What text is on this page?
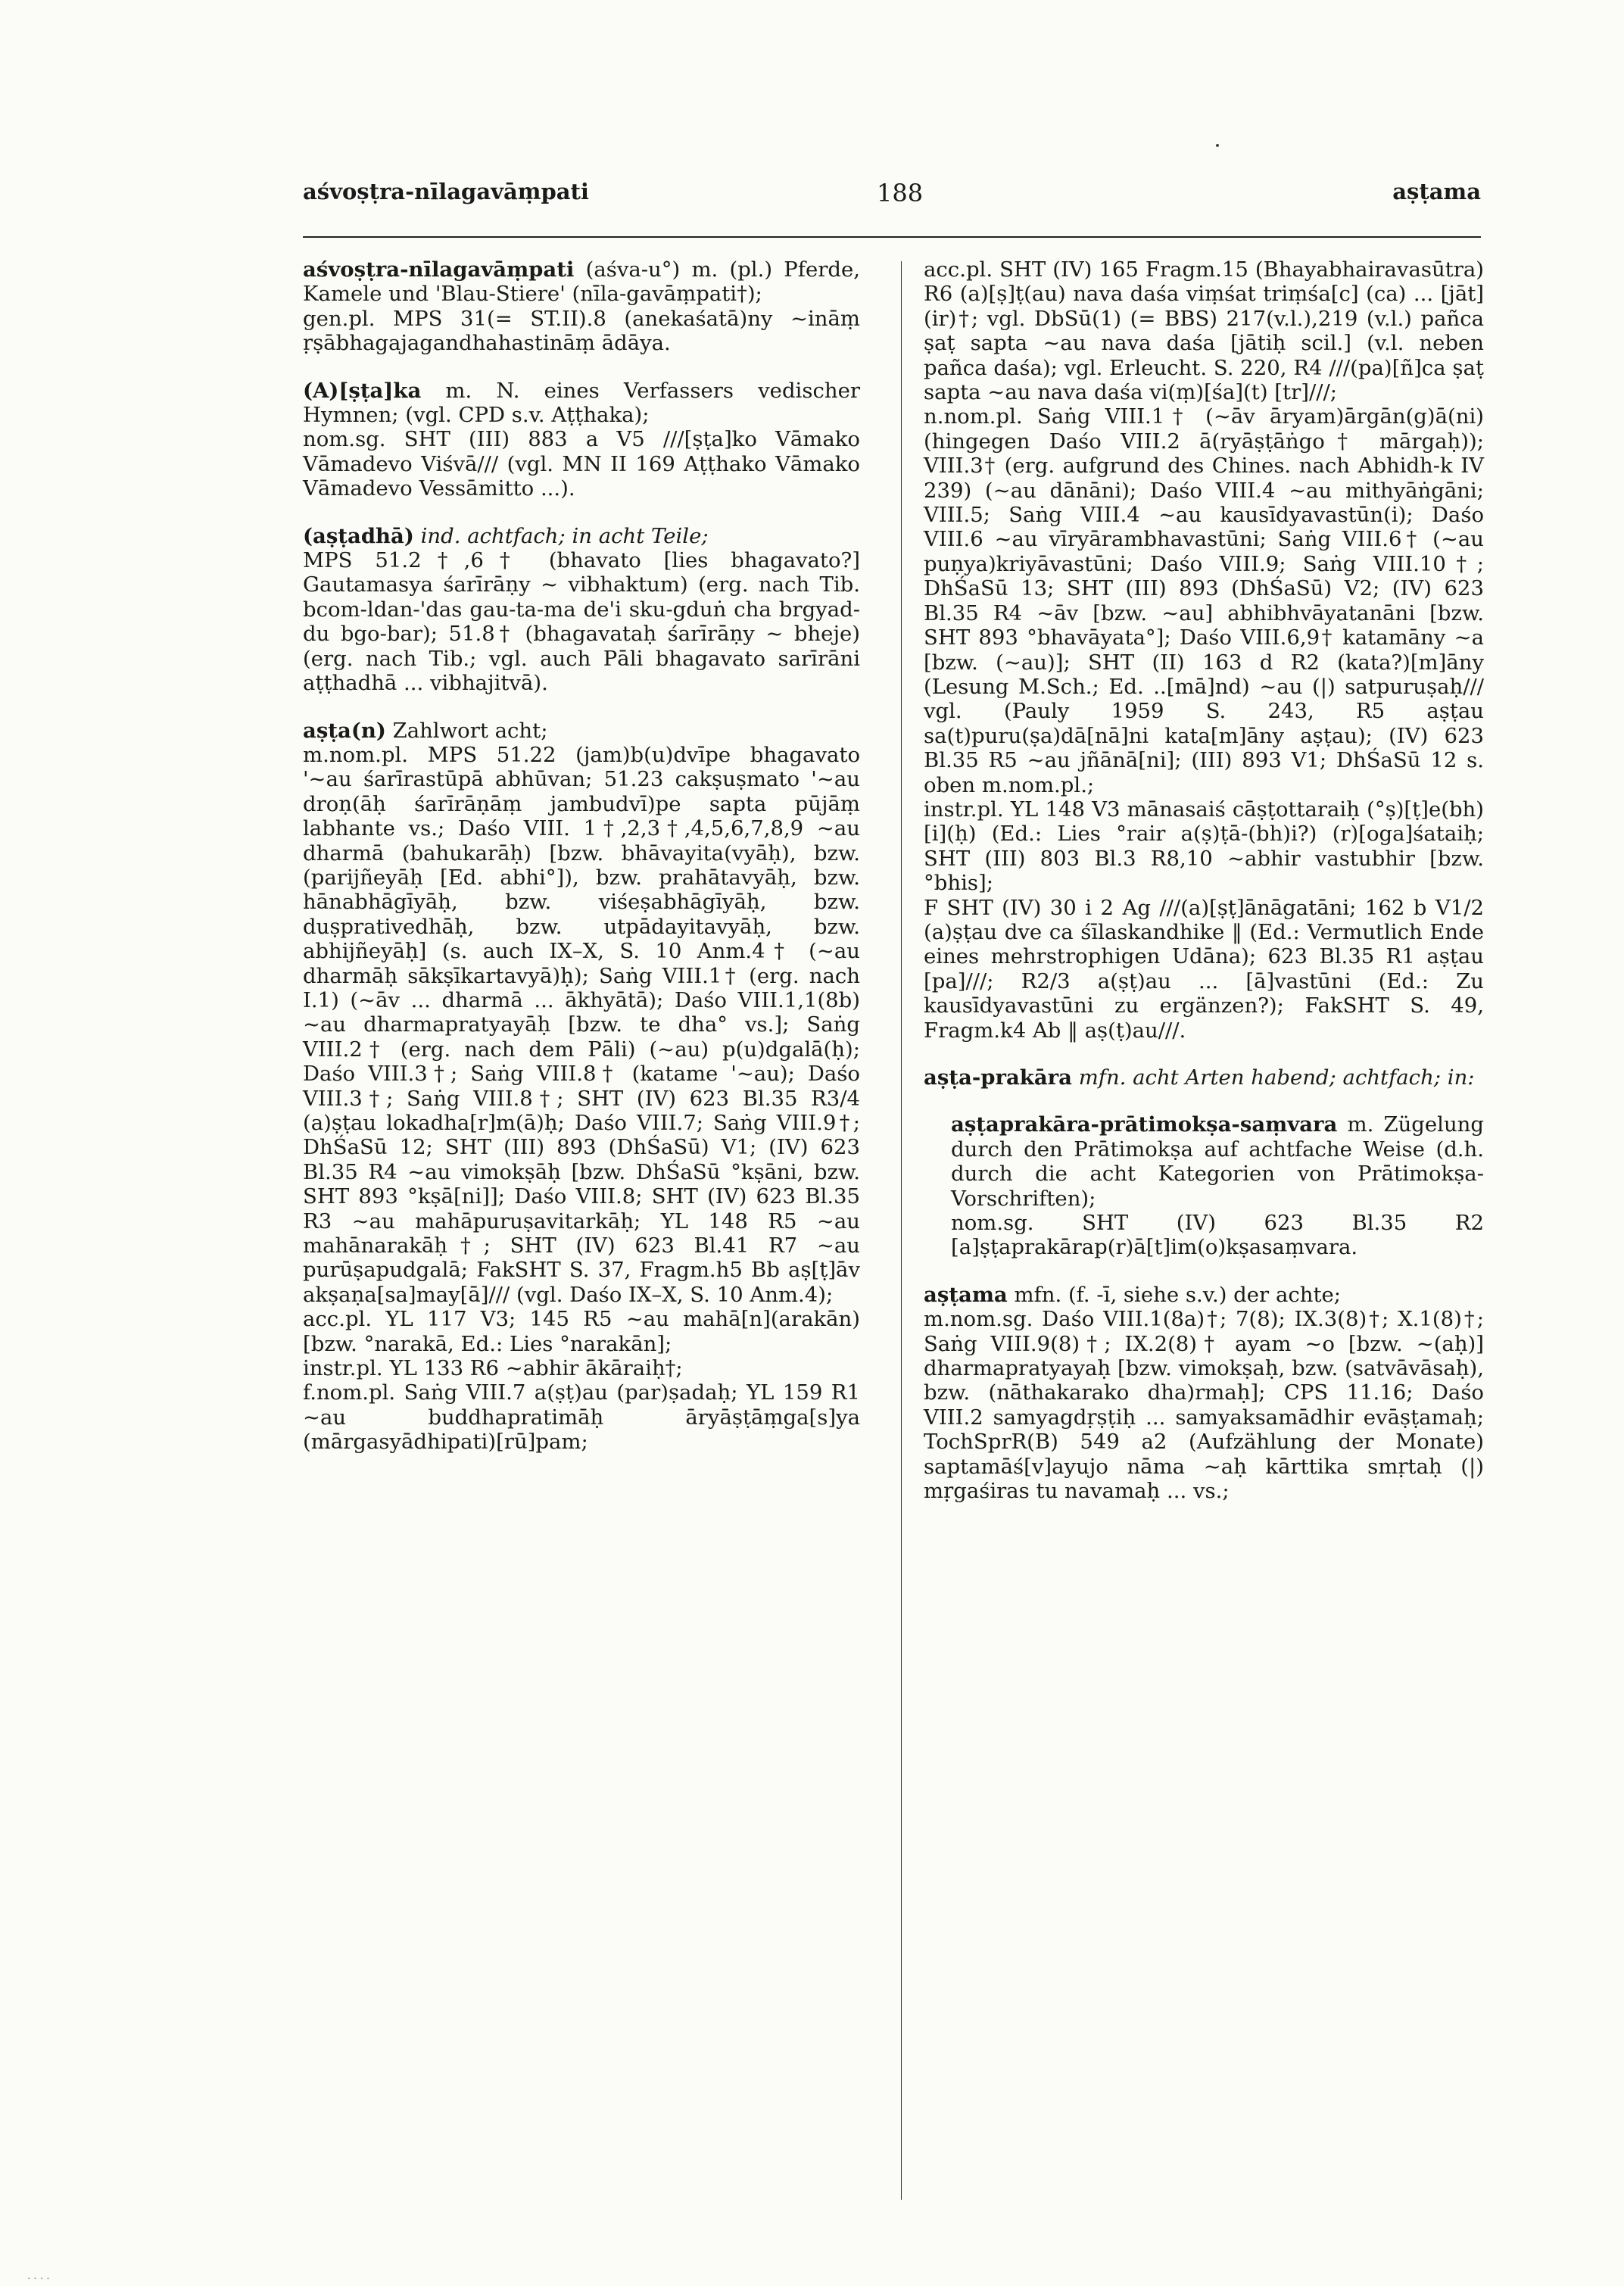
aśvoṣṭra-nīlagavāṃpati	188	aṣṭama

aśvoṣṭra-nīlagavāṃpati (aśva-u°) m. (pl.) Pferde, Kamele und 'Blau-Stiere' (nīla-gavāṃpati†);

gen.pl. MPS 31(= ST.II).8 (anekaśatā)ny ~ināṃ ṛṣābhagajagandhahastināṃ ādāya.

(A)[ṣṭa]ka m. N. eines Verfassers vedischer Hymnen; (vgl. CPD s.v. Aṭṭhaka);

nom.sg. SHT (III) 883 a V5 ///[ṣṭa]ko Vāmako Vāmadevo Viśvā/// (vgl. MN II 169 Aṭṭhako Vāmako Vāmadevo Vessāmitto ...).

(aṣṭadhā) ind. achtfach; in acht Teile;

MPS 51.2†,6† (bhavato [lies bhagavato?] Gautamasya śarīrāṇy ~ vibhaktum) (erg. nach Tib. bcom-ldan-'das gau-ta-ma de'i sku-gduṅ cha brgyad-du bgo-bar); 51.8† (bhagavataḥ śarīrāṇy ~ bheje) (erg. nach Tib.; vgl. auch Pāli bhagavato sarīrāni aṭṭhadhā ... vibhajitvā).

aṣṭa(n) Zahlwort acht;

m.nom.pl. MPS 51.22 (jam)b(u)dvīpe bhagavato '~au śarīrastūpā abhūvan; 51.23 cakṣuṣmato '~au droṇ(āḥ śarīrāṇāṃ jambudvī)pe sapta pūjāṃ labhante vs.; Daśo VIII. 1†,2,3†,4,5,6,7,8,9 ~au dharmā (bahukarāḥ) [bzw. bhāvayita(vyāḥ), bzw. (parijñeyāḥ [Ed. abhi°]), bzw. prahātavyāḥ, bzw. hānabhāgīyāḥ, bzw. viśeṣabhāgīyāḥ, bzw. duṣprativedhāḥ, bzw. utpādayitavyāḥ, bzw. abhijñeyāḥ] (s. auch IX–X, S. 10 Anm.4† (~au dharmāḥ sākṣīkartavyā)ḥ); Saṅg VIII.1† (erg. nach I.1) (~āv ... dharmā ... ākhyātā); Daśo VIII.1,1(8b) ~au dharmapratyayāḥ [bzw. te dha° vs.]; Saṅg VIII.2† (erg. nach dem Pāli) (~au) p(u)dgalā(ḥ); Daśo VIII.3†; Saṅg VIII.8† (katame '~au); Daśo VIII.3†; Saṅg VIII.8†; SHT (IV) 623 Bl.35 R3/4 (a)ṣṭau lokadha[r]m(ā)ḥ; Daśo VIII.7; Saṅg VIII.9†; DhŚaSū 12; SHT (III) 893 (DhŚaSū) V1; (IV) 623 Bl.35 R4 ~au vimokṣāḥ [bzw. DhŚaSū °kṣāni, bzw. SHT 893 °kṣā[ni]]; Daśo VIII.8; SHT (IV) 623 Bl.35 R3 ~au mahāpuruṣavitarkāḥ; YL 148 R5 ~au mahānarakāḥ†; SHT (IV) 623 Bl.41 R7 ~au purūṣapudgalā; FakSHT S. 37, Fragm.h5 Bb aṣ[ṭ]āv akṣaṇa[sa]may[ā]/// (vgl. Daśo IX–X, S. 10 Anm.4);

acc.pl. YL 117 V3; 145 R5 ~au mahā[n](arakān) [bzw. °narakā, Ed.: Lies °narakān];

instr.pl. YL 133 R6 ~abhir ākāraiḥ†;

f.nom.pl. Saṅg VIII.7 a(ṣṭ)au (par)ṣadaḥ; YL 159 R1 ~au buddhapratimāḥ āryāṣṭāṃga[s]ya (mārgasyādhipati)[rū]pam;

acc.pl. SHT (IV) 165 Fragm.15 (Bhayabhairavasūtra) R6 (a)[ṣ]ṭ(au) nava daśa viṃśat triṃśa[c] (ca) ... [jāt](ir)†; vgl. DbSū(1) (= BBS) 217(v.l.),219 (v.l.) pañca ṣaṭ sapta ~au nava daśa [jātiḥ scil.] (v.l. neben pañca daśa); vgl. Erleucht. S. 220, R4 ///(pa)[ñ]ca ṣaṭ sapta ~au nava daśa vi(ṃ)[śa](t) [tr]///;

n.nom.pl. Saṅg VIII.1† (~āv āryam)ārgān(g)ā(ni) (hingegen Daśo VIII.2 ā(ryāṣṭāṅgo† mārgaḥ)); VIII.3† (erg. aufgrund des Chines. nach Abhidh-k IV 239) (~au dānāni); Daśo VIII.4 ~au mithyāṅgāni; VIII.5; Saṅg VIII.4 ~au kausīdyavastūn(i); Daśo VIII.6 ~au vīryārambhavastūni; Saṅg VIII.6† (~au puṇya)kriyāvastūni; Daśo VIII.9; Saṅg VIII.10†; DhŚaSū 13; SHT (III) 893 (DhŚaSū) V2; (IV) 623 Bl.35 R4 ~āv [bzw. ~au] abhibhvāyatanāni [bzw. SHT 893 °bhavāyata°]; Daśo VIII.6,9† katamāny ~a [bzw. (~au)]; SHT (II) 163 d R2 (kata?)[m]āny (Lesung M.Sch.; Ed. ..[mā]nd) ~au (|) satpuruṣaḥ/// vgl. (Pauly 1959 S. 243, R5 aṣṭau sa(t)puru(ṣa)dā[nā]ni kata[m]āny aṣṭau); (IV) 623 Bl.35 R5 ~au jñānā[ni]; (III) 893 V1; DhŚaSū 12 s. oben m.nom.pl.;

instr.pl. YL 148 V3 mānasaiś cāṣṭottaraiḥ (°ṣ)[ṭ]e(bh)[i](ḥ) (Ed.: Lies °rair a(ṣ)ṭā-(bh)i?) (r)[oga]śataiḥ; SHT (III) 803 Bl.3 R8,10 ~abhir vastubhir [bzw. °bhis];

F SHT (IV) 30 i 2 Ag ///(a)[ṣṭ]ānāgatāni; 162 b V1/2 (a)ṣṭau dve ca śīlaskandhike ‖ (Ed.: Vermutlich Ende eines mehrstrophigen Udāna); 623 Bl.35 R1 aṣṭau [pa]///; R2/3 a(ṣṭ)au ... [ā]vastūni (Ed.: Zu kausīdyavastūni zu ergänzen?); FakSHT S. 49, Fragm.k4 Ab ‖ aṣ(ṭ)au///.

aṣṭa-prakāra mfn. acht Arten habend; achtfach; in:

aṣṭaprakāra-prātimokṣa-saṃvara m. Zügelung durch den Prātimokṣa auf achtfache Weise (d.h. durch die acht Kategorien von Prātimokṣa-Vorschriften);

nom.sg. SHT (IV) 623 Bl.35 R2 [a]ṣṭaprakārap(r)ā[t]im(o)kṣasaṃvara.

aṣṭama mfn. (f. -ī, siehe s.v.) der achte;

m.nom.sg. Daśo VIII.1(8a)†; 7(8); IX.3(8)†; X.1(8)†; Saṅg VIII.9(8)†; IX.2(8)† ayam ~o [bzw. ~(aḥ)] dharmapratyayaḥ [bzw. vimokṣaḥ, bzw. (satvāvāsaḥ), bzw. (nāthakarako dha)rmaḥ]; CPS 11.16; Daśo VIII.2 samyagdṛṣṭiḥ ... samyaksamādhir evāṣṭamaḥ; TochSprR(B) 549 a2 (Aufzählung der Monate) saptamāś[v]ayujo nāma ~aḥ kārttika smṛtaḥ (|) mṛgaśiras tu navamaḥ ... vs.;

....
